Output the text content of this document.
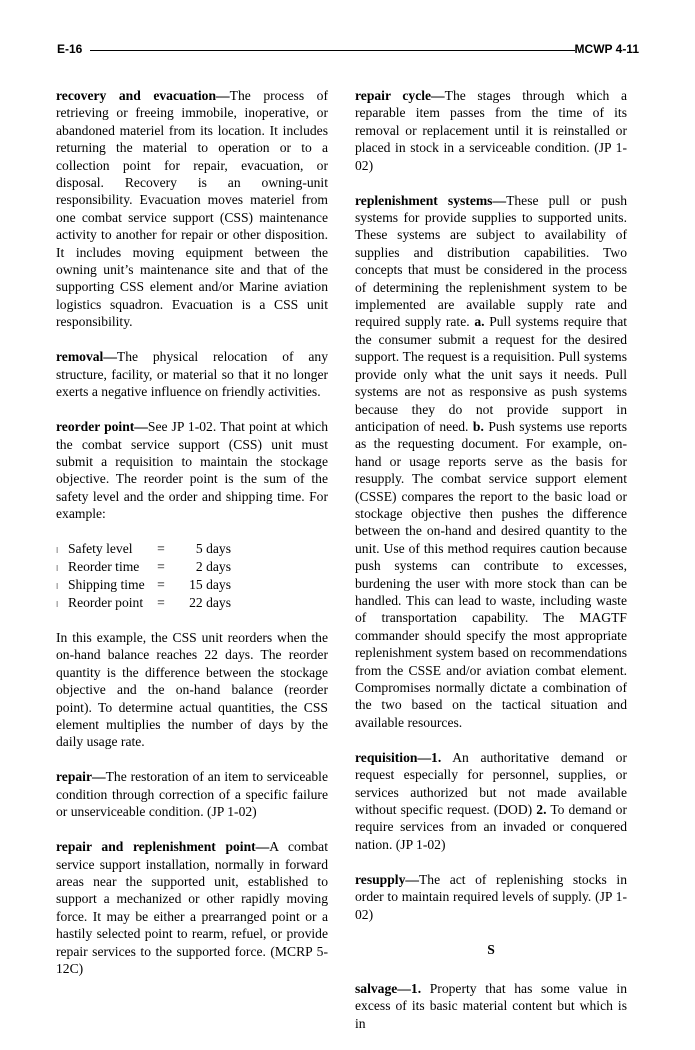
E-16	MCWP 4-11

recovery and evacuation—The process of retrieving or freeing immobile, inoperative, or abandoned materiel from its location. It includes returning the material to operation or to a collection point for repair, evacuation, or disposal. Recovery is an owning-unit responsibility. Evacuation moves materiel from one combat service support (CSS) maintenance activity to another for repair or other disposition. It includes moving equipment between the owning unit’s maintenance site and that of the supporting CSS element and/or Marine aviation logistics squadron. Evacuation is a CSS unit responsibility.

removal—The physical relocation of any structure, facility, or material so that it no longer exerts a negative influence on friendly activities.

reorder point—See JP 1-02. That point at which the combat service support (CSS) unit must submit a requisition to maintain the stockage objective. The reorder point is the sum of the safety level and the order and shipping time. For example:

l Safety level	=	5 days
l Reorder time	=	2 days
l Shipping time =	15 days
l Reorder point	=	22 days

In this example, the CSS unit reorders when the on-hand balance reaches 22 days. The reorder quantity is the difference between the stockage objective and the on-hand balance (reorder point). To determine actual quantities, the CSS element multiplies the number of days by the daily usage rate.

repair—The restoration of an item to serviceable condition through correction of a specific failure or unserviceable condition. (JP 1-02)

repair and replenishment point—A combat service support installation, normally in forward areas near the supported unit, established to support a mechanized or other rapidly moving force. It may be either a prearranged point or a hastily selected point to rearm, refuel, or provide repair services to the supported force. (MCRP 5-12C)

repair cycle—The stages through which a reparable item passes from the time of its removal or replacement until it is reinstalled or placed in stock in a serviceable condition. (JP 1-02)

replenishment systems—These pull or push systems for provide supplies to supported units. These systems are subject to availability of supplies and distribution capabilities. Two concepts that must be considered in the process of determining the replenishment system to be implemented are available supply rate and required supply rate. a. Pull systems require that the consumer submit a request for the desired support. The request is a requisition. Pull systems provide only what the unit says it needs. Pull systems are not as responsive as push systems because they do not provide support in anticipation of need. b. Push systems use reports as the requesting document. For example, on-hand or usage reports serve as the basis for resupply. The combat service support element (CSSE) compares the report to the basic load or stockage objective then pushes the difference between the on-hand and desired quantity to the unit. Use of this method requires caution because push systems can contribute to excesses, burdening the user with more stock than can be handled. This can lead to waste, including waste of transportation capability. The MAGTF commander should specify the most appropriate replenishment system based on recommendations from the CSSE and/or aviation combat element. Compromises normally dictate a combination of the two based on the tactical situation and available resources.

requisition—1. An authoritative demand or request especially for personnel, supplies, or services authorized but not made available without specific request. (DOD) 2. To demand or require services from an invaded or conquered nation. (JP 1-02)

resupply—The act of replenishing stocks in order to maintain required levels of supply. (JP 1-02)

S

salvage—1. Property that has some value in excess of its basic material content but which is in
